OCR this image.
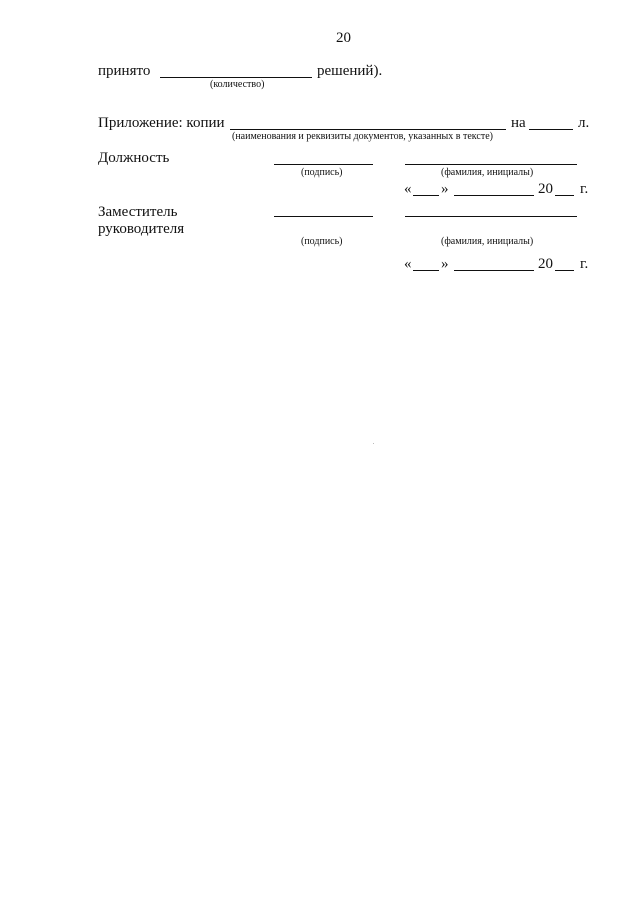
20
принято	решений).
(количество)
Приложение: копии	на	л.
(наименования и реквизиты документов, указанных в тексте)
Должность
(подпись)	(фамилия, инициалы)
« »	20 г.
Заместитель
руководителя
(подпись)	(фамилия, инициалы)
« »	20 г.
